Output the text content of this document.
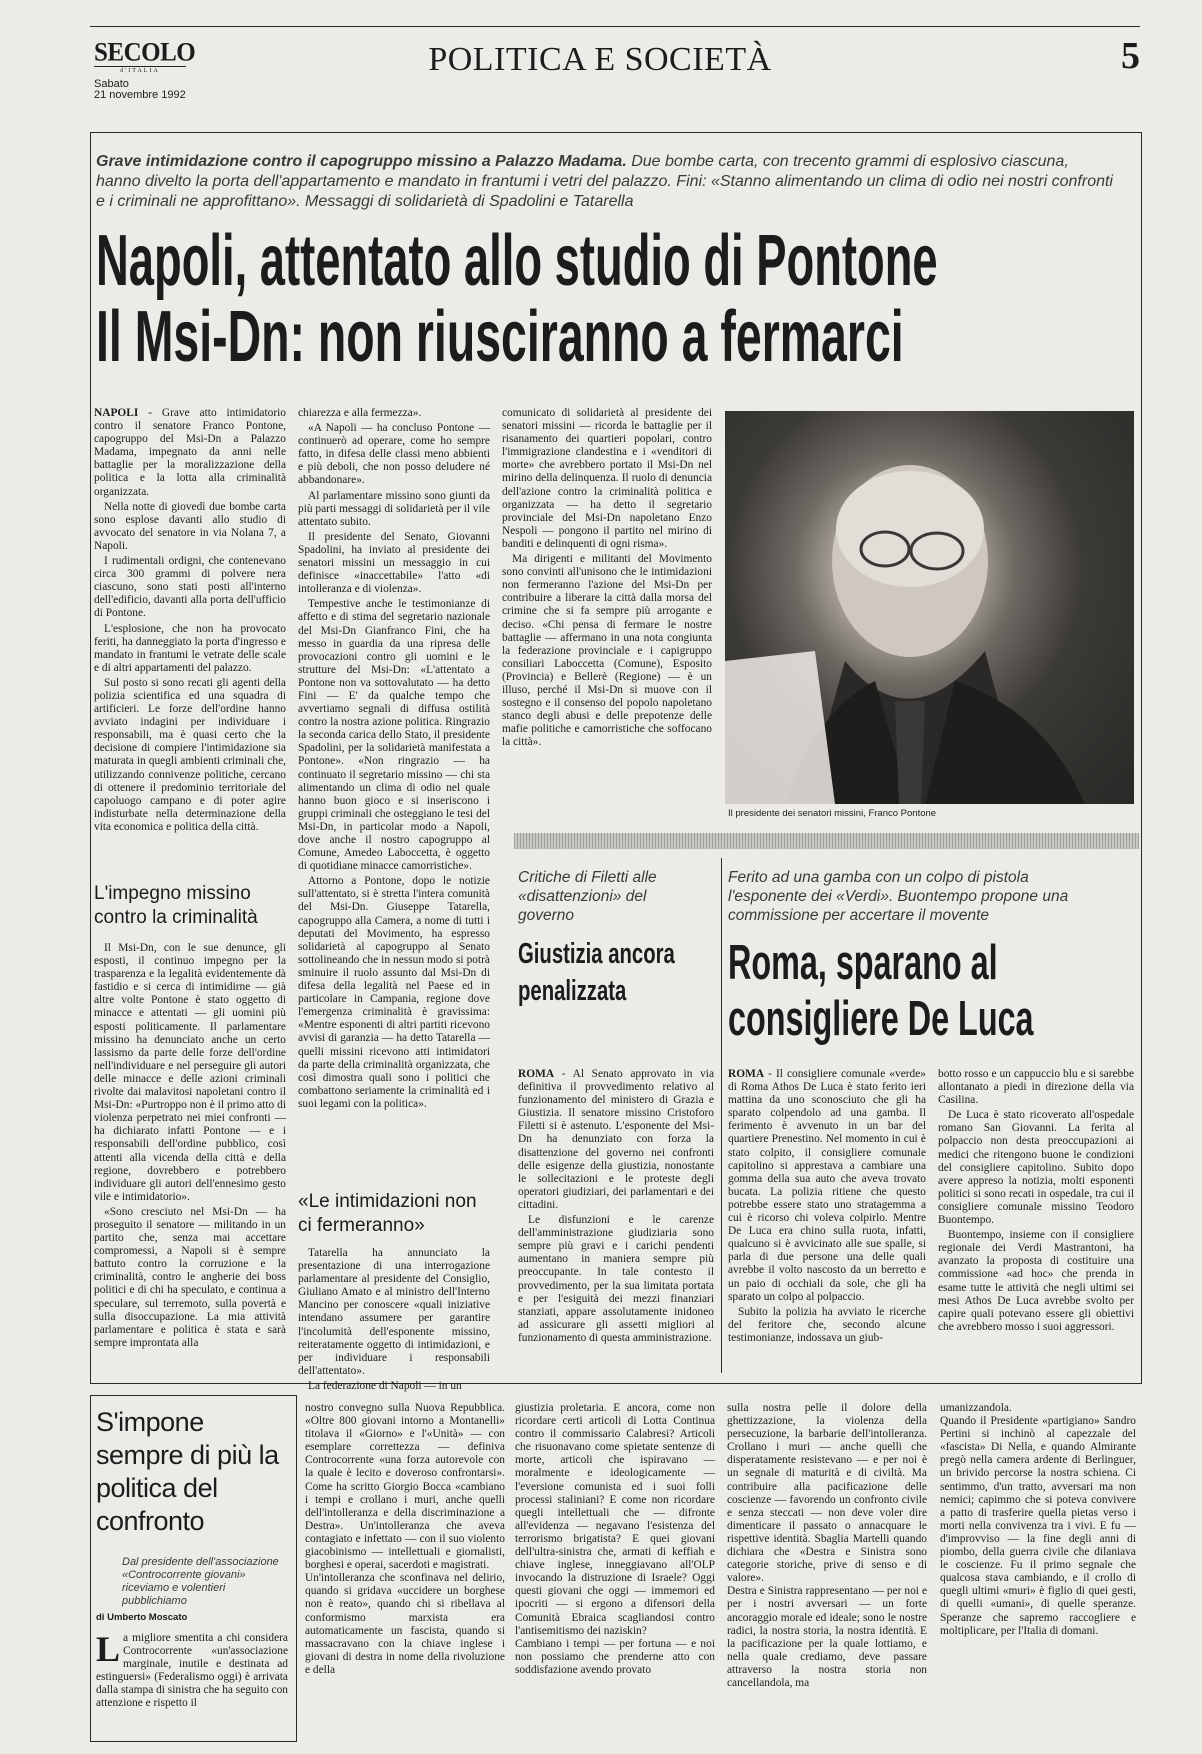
SECOLO
d'ITALIA
Sabato
21 novembre 1992
POLITICA E SOCIETÀ	5
Grave intimidazione contro il capogruppo missino a Palazzo Madama. Due bombe carta, con trecento grammi di esplosivo ciascuna, hanno divelto la porta dell'appartamento e mandato in frantumi i vetri del palazzo. Fini: «Stanno alimentando un clima di odio nei nostri confronti e i criminali ne approfittano». Messaggi di solidarietà di Spadolini e Tatarella
Napoli, attentato allo studio di Pontone
Il Msi-Dn: non riusciranno a fermarci

NAPOLI - Grave atto intimidatorio contro il senatore Franco Pontone, capogruppo del Msi-Dn a Palazzo Madama, impegnato da anni nelle battaglie per la moralizzazione della politica e la lotta alla criminalità organizzata.

Nella notte di giovedì due bombe carta sono esplose davanti allo studio di avvocato del senatore in via Nolana 7, a Napoli.

I rudimentali ordigni, che contenevano circa 300 grammi di polvere nera ciascuno, sono stati posti all'interno dell'edificio, davanti alla porta dell'ufficio di Pontone.

L'esplosione, che non ha provocato feriti, ha danneggiato la porta d'ingresso e mandato in frantumi le vetrate delle scale e di altri appartamenti del palazzo.

Sul posto si sono recati gli agenti della polizia scientifica ed una squadra di artificieri. Le forze dell'ordine hanno avviato indagini per individuare i responsabili, ma è quasi certo che la decisione di compiere l'intimidazione sia maturata in quegli ambienti criminali che, utilizzando connivenze politiche, cercano di ottenere il predominio territoriale del capoluogo campano e di poter agire indisturbate nella determinazione della vita economica e politica della città.

L'impegno missino contro la criminalità

Il Msi-Dn, con le sue denunce, gli esposti, il continuo impegno per la trasparenza e la legalità evidentemente dà fastidio e si cerca di intimidirne — già altre volte Pontone è stato oggetto di minacce e attentati — gli uomini più esposti politicamente. Il parlamentare missino ha denunciato anche un certo lassismo da parte delle forze dell'ordine nell'individuare e nel perseguire gli autori delle minacce e delle azioni criminali rivolte dai malavitosi napoletani contro il Msi-Dn: «Purtroppo non è il primo atto di violenza perpetrato nei miei confronti — ha dichiarato infatti Pontone — e i responsabili dell'ordine pubblico, così attenti alla vicenda della città e della regione, dovrebbero e potrebbero individuare gli autori dell'ennesimo gesto vile e intimidatorio».

«Sono cresciuto nel Msi-Dn — ha proseguito il senatore — militando in un partito che, senza mai accettare compromessi, a Napoli si è sempre battuto contro la corruzione e la criminalità, contro le angherie dei boss politici e di chi ha speculato, e continua a speculare, sul terremoto, sulla povertà e sulla disoccupazione. La mia attività parlamentare e politica è stata e sarà sempre improntata alla

chiarezza e alla fermezza».

«A Napoli — ha concluso Pontone — continuerò ad operare, come ho sempre fatto, in difesa delle classi meno abbienti e più deboli, che non posso deludere né abbandonare».

Al parlamentare missino sono giunti da più parti messaggi di solidarietà per il vile attentato subito.

Il presidente del Senato, Giovanni Spadolini, ha inviato al presidente dei senatori missini un messaggio in cui definisce «inaccettabile» l'atto «di intolleranza e di violenza».

Tempestive anche le testimonianze di affetto e di stima del segretario nazionale del Msi-Dn Gianfranco Fini, che ha messo in guardia da una ripresa delle provocazioni contro gli uomini e le strutture del Msi-Dn: «L'attentato a Pontone non va sottovalutato — ha detto Fini — E' da qualche tempo che avvertiamo segnali di diffusa ostilità contro la nostra azione politica. Ringrazio la seconda carica dello Stato, il presidente Spadolini, per la solidarietà manifestata a Pontone». «Non ringrazio — ha continuato il segretario missino — chi sta alimentando un clima di odio nel quale hanno buon gioco e si inseriscono i gruppi criminali che osteggiano le tesi del Msi-Dn, in particolar modo a Napoli, dove anche il nostro capogruppo al Comune, Amedeo Laboccetta, è oggetto di quotidiane minacce camorristiche».

Attorno a Pontone, dopo le notizie sull'attentato, si è stretta l'intera comunità del Msi-Dn. Giuseppe Tatarella, capogruppo alla Camera, a nome di tutti i deputati del Movimento, ha espresso solidarietà al capogruppo al Senato sottolineando che in nessun modo si potrà sminuire il ruolo assunto dal Msi-Dn di difesa della legalità nel Paese ed in particolare in Campania, regione dove l'emergenza criminalità è gravissima: «Mentre esponenti di altri partiti ricevono avvisi di garanzia — ha detto Tatarella — quelli missini ricevono atti intimidatori da parte della criminalità organizzata, che così dimostra quali sono i politici che combattono seriamente la criminalità ed i suoi legami con la politica».

«Le intimidazioni non ci fermeranno»

Tatarella ha annunciato la presentazione di una interrogazione parlamentare al presidente del Consiglio, Giuliano Amato e al ministro dell'Interno Mancino per conoscere «quali iniziative intendano assumere per garantire l'incolumità dell'esponente missino, reiteratamente oggetto di intimidazioni, e per individuare i responsabili dell'attentato».

La federazione di Napoli — in un

comunicato di solidarietà al presidente dei senatori missini — ricorda le battaglie per il risanamento dei quartieri popolari, contro l'immigrazione clandestina e i «venditori di morte» che avrebbero portato il Msi-Dn nel mirino della delinquenza. Il ruolo di denuncia dell'azione contro la criminalità politica e organizzata — ha detto il segretario provinciale del Msi-Dn napoletano Enzo Nespoli — pongono il partito nel mirino di banditi e delinquenti di ogni risma».

Ma dirigenti e militanti del Movimento sono convinti all'unisono che le intimidazioni non fermeranno l'azione del Msi-Dn per contribuire a liberare la città dalla morsa del crimine che si fa sempre più arrogante e deciso. «Chi pensa di fermare le nostre battaglie — affermano in una nota congiunta la federazione provinciale e i capigruppo consiliari Laboccetta (Comune), Esposito (Provincia) e Bellerè (Regione) — è un illuso, perché il Msi-Dn si muove con il sostegno e il consenso del popolo napoletano stanco degli abusi e delle prepotenze delle mafie politiche e camorristiche che soffocano la città».

Il presidente dei senatori missini, Franco Pontone
Critiche di Filetti alle «disattenzioni» del governo
Giustizia ancora penalizzata

ROMA - Al Senato approvato in via definitiva il provvedimento relativo al funzionamento del ministero di Grazia e Giustizia. Il senatore missino Cristoforo Filetti si è astenuto. L'esponente del Msi-Dn ha denunziato con forza la disattenzione del governo nei confronti delle esigenze della giustizia, nonostante le sollecitazioni e le proteste degli operatori giudiziari, dei parlamentari e dei cittadini.

Le disfunzioni e le carenze dell'amministrazione giudiziaria sono sempre più gravi e i carichi pendenti aumentano in maniera sempre più preoccupante. In tale contesto il provvedimento, per la sua limitata portata e per l'esiguità dei mezzi finanziari stanziati, appare assolutamente inidoneo ad assicurare gli assetti migliori al funzionamento di questa amministrazione.

Ferito ad una gamba con un colpo di pistola l'esponente dei «Verdi». Buontempo propone una commissione per accertare il movente
Roma, sparano al consigliere De Luca

ROMA - Il consigliere comunale «verde» di Roma Athos De Luca è stato ferito ieri mattina da uno sconosciuto che gli ha sparato colpendolo ad una gamba. Il ferimento è avvenuto in un bar del quartiere Prenestino. Nel momento in cui è stato colpito, il consigliere comunale capitolino si apprestava a cambiare una gomma della sua auto che aveva trovato bucata. La polizia ritiene che questo potrebbe essere stato uno stratagemma a cui è ricorso chi voleva colpirlo. Mentre De Luca era chino sulla ruota, infatti, qualcuno si è avvicinato alle sue spalle, si parla di due persone una delle quali avrebbe il volto nascosto da un berretto e un paio di occhiali da sole, che gli ha sparato un colpo al polpaccio.

Subito la polizia ha avviato le ricerche del feritore che, secondo alcune testimonianze, indossava un giub-

botto rosso e un cappuccio blu e si sarebbe allontanato a piedi in direzione della via Casilina.

De Luca è stato ricoverato all'ospedale romano San Giovanni. La ferita al polpaccio non desta preoccupazioni ai medici che ritengono buone le condizioni del consigliere capitolino. Subito dopo avere appreso la notizia, molti esponenti politici si sono recati in ospedale, tra cui il consigliere comunale missino Teodoro Buontempo.

Buontempo, insieme con il consigliere regionale dei Verdi Mastrantoni, ha avanzato la proposta di costituire una commissione «ad hoc» che prenda in esame tutte le attività che negli ultimi sei mesi Athos De Luca avrebbe svolto per capire quali potevano essere gli obiettivi che avrebbero mosso i suoi aggressori.

S'impone sempre di più la politica del confronto
Dal presidente dell'associazione «Controcorrente giovani» riceviamo e volentieri pubblichiamo
di Umberto Moscato

La migliore smentita a chi considera Controcorrente «un'associazione marginale, inutile e destinata ad estinguersi» (Federalismo oggi) è arrivata dalla stampa di sinistra che ha seguito con attenzione e rispetto il

nostro convegno sulla Nuova Repubblica. «Oltre 800 giovani intorno a Montanelli» titolava il «Giorno» e l'«Unità» — con esemplare correttezza — definiva Controcorrente «una forza autorevole con la quale è lecito e doveroso confrontarsi». Come ha scritto Giorgio Bocca «cambiano i tempi e crollano i muri, anche quelli dell'intolleranza e della discriminazione a Destra». Un'intolleranza che aveva contagiato e infettato — con il suo violento giacobinismo — intellettuali e giornalisti, borghesi e operai, sacerdoti e magistrati.
Un'intolleranza che sconfinava nel delirio, quando si gridava «uccidere un borghese non è reato», quando chi si ribellava al conformismo marxista era automaticamente un fascista, quando si massacravano con la chiave inglese i giovani di destra in nome della rivoluzione e della
giustizia proletaria. E ancora, come non ricordare certi articoli di Lotta Continua contro il commissario Calabresi? Articoli che risuonavano come spietate sentenze di morte, articoli che ispiravano — moralmente e ideologicamente — l'eversione comunista ed i suoi folli processi staliniani? E come non ricordare quegli intellettuali che — difronte all'evidenza — negavano l'esistenza del terrorismo brigatista? E quei giovani dell'ultra-sinistra che, armati di keffiah e chiave inglese, inneggiavano all'OLP invocando la distruzione di Israele? Oggi questi giovani che oggi — immemori ed ipocriti — si ergono a difensori della Comunità Ebraica scagliandosi contro l'antisemitismo dei naziskin?
Cambiano i tempi — per fortuna — e noi non possiamo che prenderne atto con soddisfazione avendo provato
sulla nostra pelle il dolore della ghettizzazione, la violenza della persecuzione, la barbarie dell'intolleranza. Crollano i muri — anche quelli che disperatamente resistevano — e per noi è un segnale di maturità e di civiltà. Ma contribuire alla pacificazione delle coscienze — favorendo un confronto civile e senza steccati — non deve voler dire dimenticare il passato o annacquare le rispettive identità. Sbaglia Martelli quando dichiara che «Destra e Sinistra sono categorie storiche, prive di senso e di valore».
Destra e Sinistra rappresentano — per noi e per i nostri avversari — un forte ancoraggio morale ed ideale; sono le nostre radici, la nostra storia, la nostra identità. E la pacificazione per la quale lottiamo, e nella quale crediamo, deve passare attraverso la nostra storia non cancellandola, ma
umanizzandola.
Quando il Presidente «partigiano» Sandro Pertini si inchinò al capezzale del «fascista» Di Nella, e quando Almirante pregò nella camera ardente di Berlinguer, un brivido percorse la nostra schiena. Ci sentimmo, d'un tratto, avversari ma non nemici; capimmo che si poteva convivere a patto di trasferire quella pietas verso i morti nella convivenza tra i vivi. E fu — d'improvviso — la fine degli anni di piombo, della guerra civile che dilaniava le coscienze. Fu il primo segnale che qualcosa stava cambiando, e il crollo di quegli ultimi «muri» è figlio di quei gesti, di quelli «umani», di quelle speranze. Speranze che sapremo raccogliere e moltiplicare, per l'Italia di domani.
